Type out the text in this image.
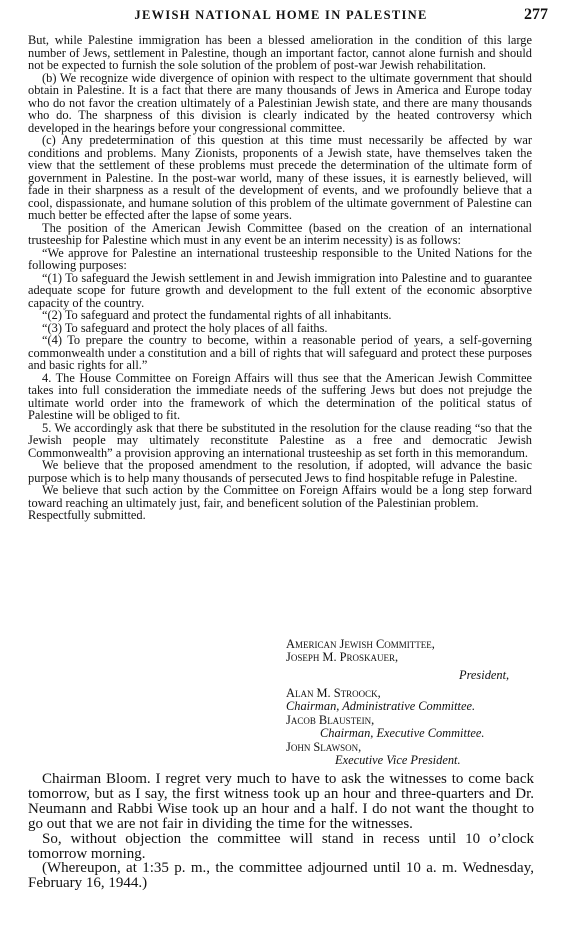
JEWISH NATIONAL HOME IN PALESTINE	277

But, while Palestine immigration has been a blessed amelioration in the condition of this large number of Jews, settlement in Palestine, though an important factor, cannot alone furnish and should not be expected to furnish the sole solution of the problem of post-war Jewish rehabilitation.

(b) We recognize wide divergence of opinion with respect to the ultimate government that should obtain in Palestine. It is a fact that there are many thousands of Jews in America and Europe today who do not favor the creation ultimately of a Palestinian Jewish state, and there are many thousands who do. The sharpness of this division is clearly indicated by the heated controversy which developed in the hearings before your congressional committee.

(c) Any predetermination of this question at this time must necessarily be affected by war conditions and problems. Many Zionists, proponents of a Jewish state, have themselves taken the view that the settlement of these problems must precede the determination of the ultimate form of government in Palestine. In the post-war world, many of these issues, it is earnestly believed, will fade in their sharpness as a result of the development of events, and we profoundly believe that a cool, dispassionate, and humane solution of this problem of the ultimate government of Palestine can much better be effected after the lapse of some years.

The position of the American Jewish Committee (based on the creation of an international trusteeship for Palestine which must in any event be an interim necessity) is as follows:

“We approve for Palestine an international trusteeship responsible to the United Nations for the following purposes:

“(1) To safeguard the Jewish settlement in and Jewish immigration into Palestine and to guarantee adequate scope for future growth and development to the full extent of the economic absorptive capacity of the country.

“(2) To safeguard and protect the fundamental rights of all inhabitants.

“(3) To safeguard and protect the holy places of all faiths.

“(4) To prepare the country to become, within a reasonable period of years, a self-governing commonwealth under a constitution and a bill of rights that will safeguard and protect these purposes and basic rights for all.”

4. The House Committee on Foreign Affairs will thus see that the American Jewish Committee takes into full consideration the immediate needs of the suffering Jews but does not prejudge the ultimate world order into the framework of which the determination of the political status of Palestine will be obliged to fit.

5. We accordingly ask that there be substituted in the resolution for the clause reading “so that the Jewish people may ultimately reconstitute Palestine as a free and democratic Jewish Commonwealth” a provision approving an international trusteeship as set forth in this memorandum.

We believe that the proposed amendment to the resolution, if adopted, will advance the basic purpose which is to help many thousands of persecuted Jews to find hospitable refuge in Palestine.

We believe that such action by the Committee on Foreign Affairs would be a long step forward toward reaching an ultimately just, fair, and beneficent solution of the Palestinian problem.

Respectfully submitted.

American Jewish Committee,
Joseph M. Proskauer,
President,
Alan M. Stroock,
Chairman, Administrative Committee.
Jacob Blaustein,
Chairman, Executive Committee.
John Slawson,
Executive Vice President.

Chairman Bloom. I regret very much to have to ask the witnesses to come back tomorrow, but as I say, the first witness took up an hour and three-quarters and Dr. Neumann and Rabbi Wise took up an hour and a half. I do not want the thought to go out that we are not fair in dividing the time for the witnesses.

So, without objection the committee will stand in recess until 10 o’clock tomorrow morning.

(Whereupon, at 1:35 p. m., the committee adjourned until 10 a. m. Wednesday, February 16, 1944.)
